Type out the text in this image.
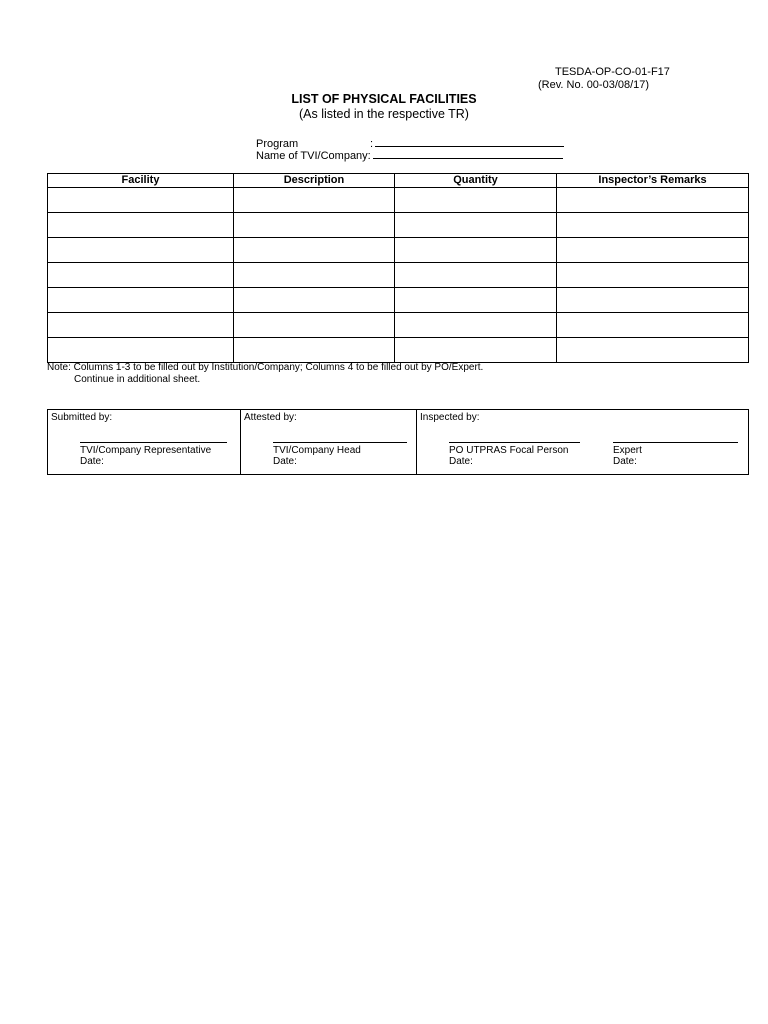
TESDA-OP-CO-01-F17
(Rev. No. 00-03/08/17)
LIST OF PHYSICAL FACILITIES
(As listed in the respective TR)
Program	:
Name of TVI/Company:
Facility	Description	Quantity	Inspector’s Remarks

Note: Columns 1-3 to be filled out by Institution/Company; Columns 4 to be filled out by PO/Expert.
Continue in additional sheet.
Submitted by:
TVI/Company Representative
Date:
Attested by:
TVI/Company Head
Date:
Inspected by:
PO UTPRAS Focal Person
Date:
Expert
Date:
